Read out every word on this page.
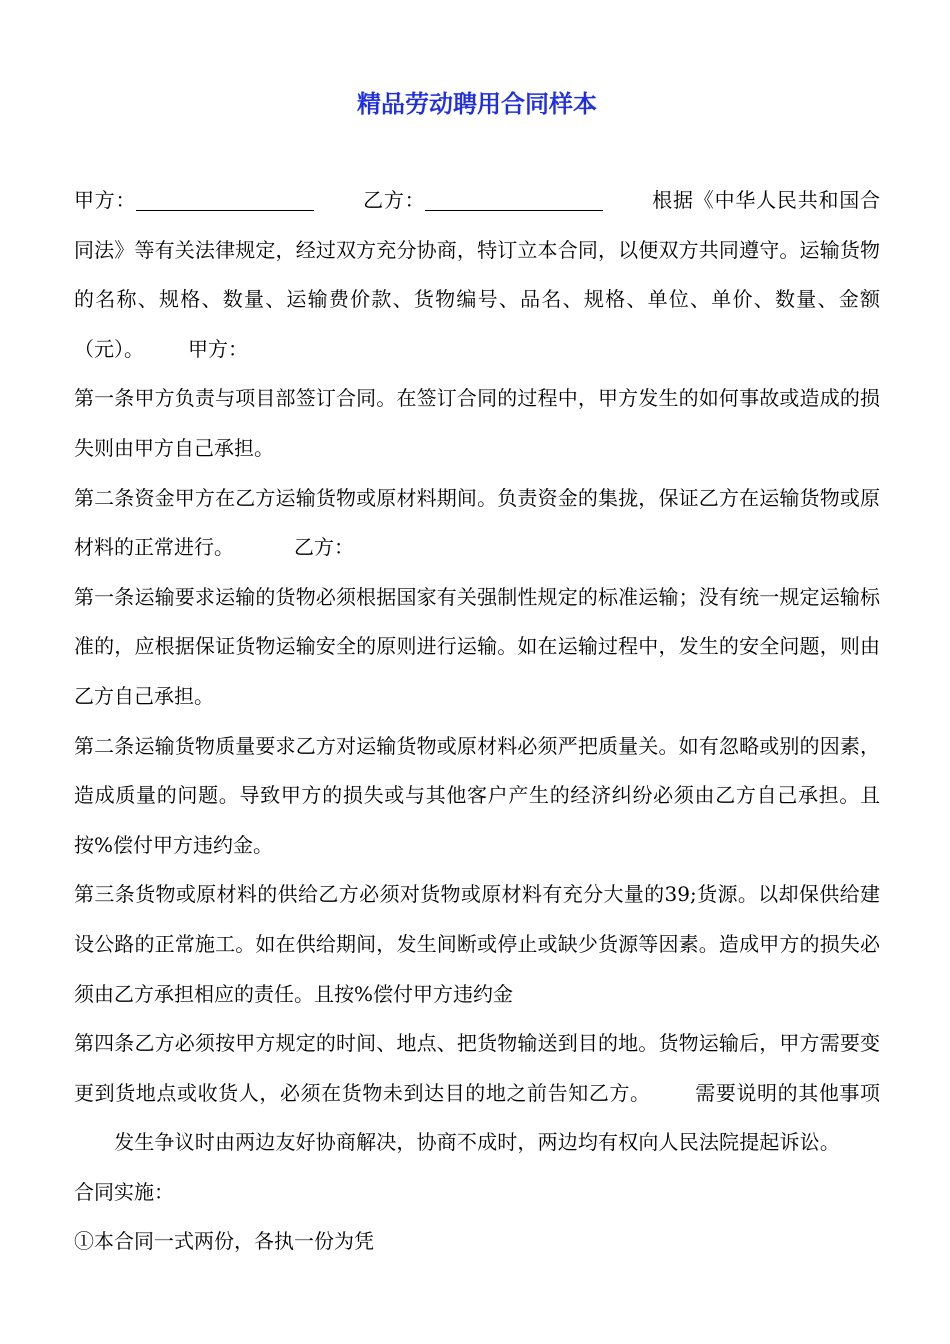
精品劳动聘用合同样本

甲方：	乙方：	根据《中华人民共和国合同法》等有关法律规定，经过双方充分协商，特订立本合同，以便双方共同遵守。运输货物的名称、规格、数量、运输费价款、货物编号、品名、规格、单位、单价、数量、金额（元）。 甲方：

第一条甲方负责与项目部签订合同。在签订合同的过程中，甲方发生的如何事故或造成的损失则由甲方自己承担。

第二条资金甲方在乙方运输货物或原材料期间。负责资金的集拢，保证乙方在运输货物或原材料的正常进行。	乙方：

第一条运输要求运输的货物必须根据国家有关强制性规定的标准运输；没有统一规定运输标准的，应根据保证货物运输安全的原则进行运输。如在运输过程中，发生的安全问题，则由乙方自己承担。

第二条运输货物质量要求乙方对运输货物或原材料必须严把质量关。如有忽略或别的因素，造成质量的问题。导致甲方的损失或与其他客户产生的经济纠纷必须由乙方自己承担。且按%偿付甲方违约金。

第三条货物或原材料的供给乙方必须对货物或原材料有充分大量的39;货源。以却保供给建设公路的正常施工。如在供给期间，发生间断或停止或缺少货源等因素。造成甲方的损失必须由乙方承担相应的责任。且按%偿付甲方违约金

第四条乙方必须按甲方规定的时间、地点、把货物输送到目的地。货物运输后，甲方需要变更到货地点或收货人，必须在货物未到达目的地之前告知乙方。 需要说明的其他事项发生争议时由两边友好协商解决，协商不成时，两边均有权向人民法院提起诉讼。合同实施：

①本合同一式两份，各执一份为凭
